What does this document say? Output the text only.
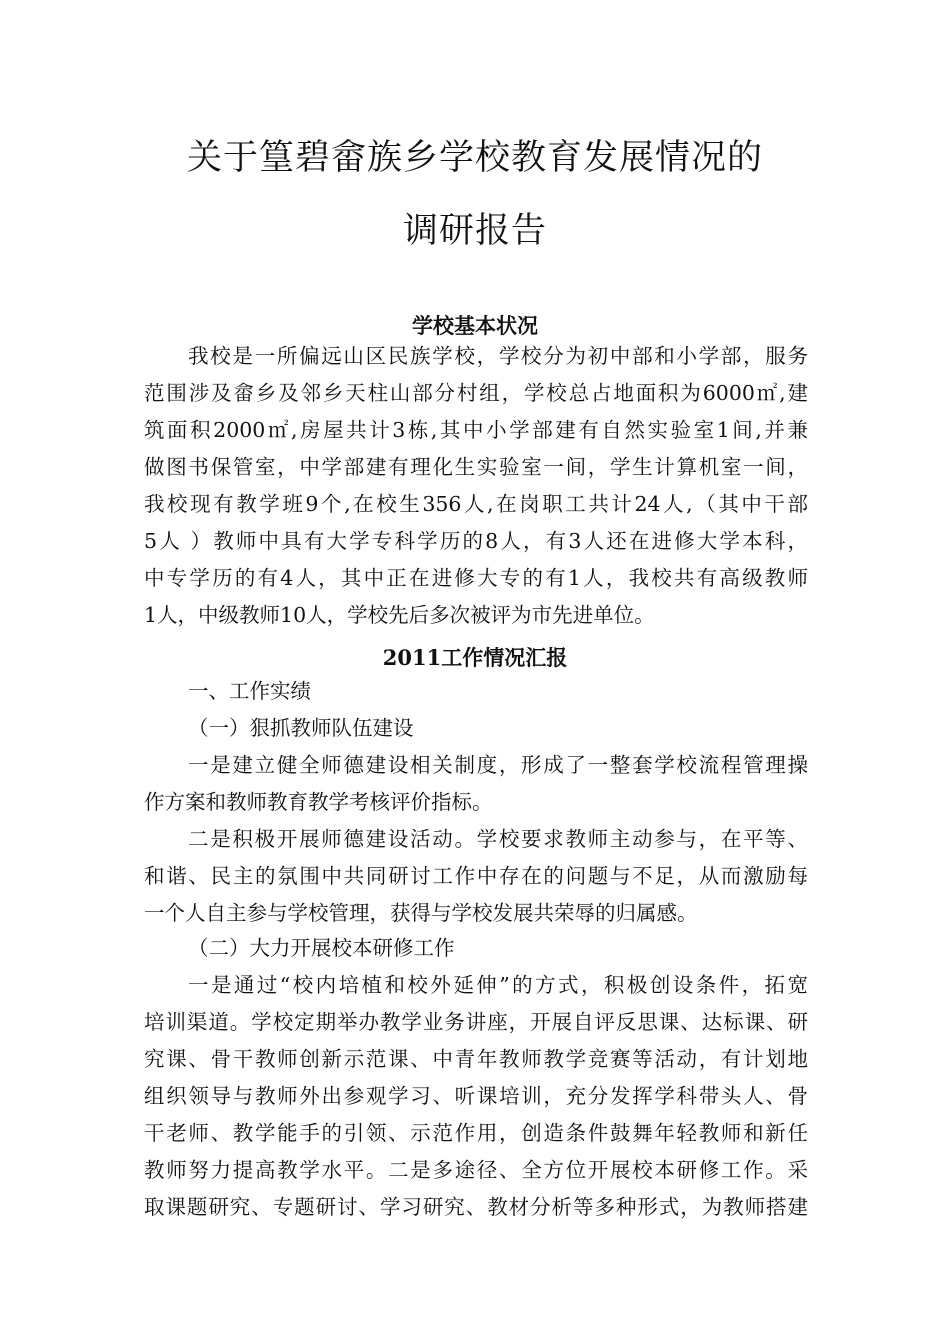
关于篁碧畲族乡学校教育发展情况的
调研报告
学校基本状况
我校是一所偏远山区民族学校，学校分为初中部和小学部，服务
范围涉及畲乡及邻乡天柱山部分村组，学校总占地面积为6000㎡,建
筑面积2000㎡,房屋共计3栋,其中小学部建有自然实验室1间,并兼
做图书保管室，中学部建有理化生实验室一间，学生计算机室一间，
我校现有教学班9个,在校生356人,在岗职工共计24人,（其中干部
5人 ）教师中具有大学专科学历的8人，有3人还在进修大学本科，
中专学历的有4人，其中正在进修大专的有1人，我校共有高级教师
1人，中级教师10人，学校先后多次被评为市先进单位。
2011工作情况汇报
一、工作实绩
（一）狠抓教师队伍建设
一是建立健全师德建设相关制度，形成了一整套学校流程管理操
作方案和教师教育教学考核评价指标。
二是积极开展师德建设活动。学校要求教师主动参与，在平等、
和谐、民主的氛围中共同研讨工作中存在的问题与不足，从而激励每
一个人自主参与学校管理，获得与学校发展共荣辱的归属感。
（二）大力开展校本研修工作
一是通过“校内培植和校外延伸”的方式，积极创设条件，拓宽
培训渠道。学校定期举办教学业务讲座，开展自评反思课、达标课、研
究课、骨干教师创新示范课、中青年教师教学竞赛等活动，有计划地
组织领导与教师外出参观学习、听课培训，充分发挥学科带头人、骨
干老师、教学能手的引领、示范作用，创造条件鼓舞年轻教师和新任
教师努力提高教学水平。二是多途径、全方位开展校本研修工作。采
取课题研究、专题研讨、学习研究、教材分析等多种形式，为教师搭建
